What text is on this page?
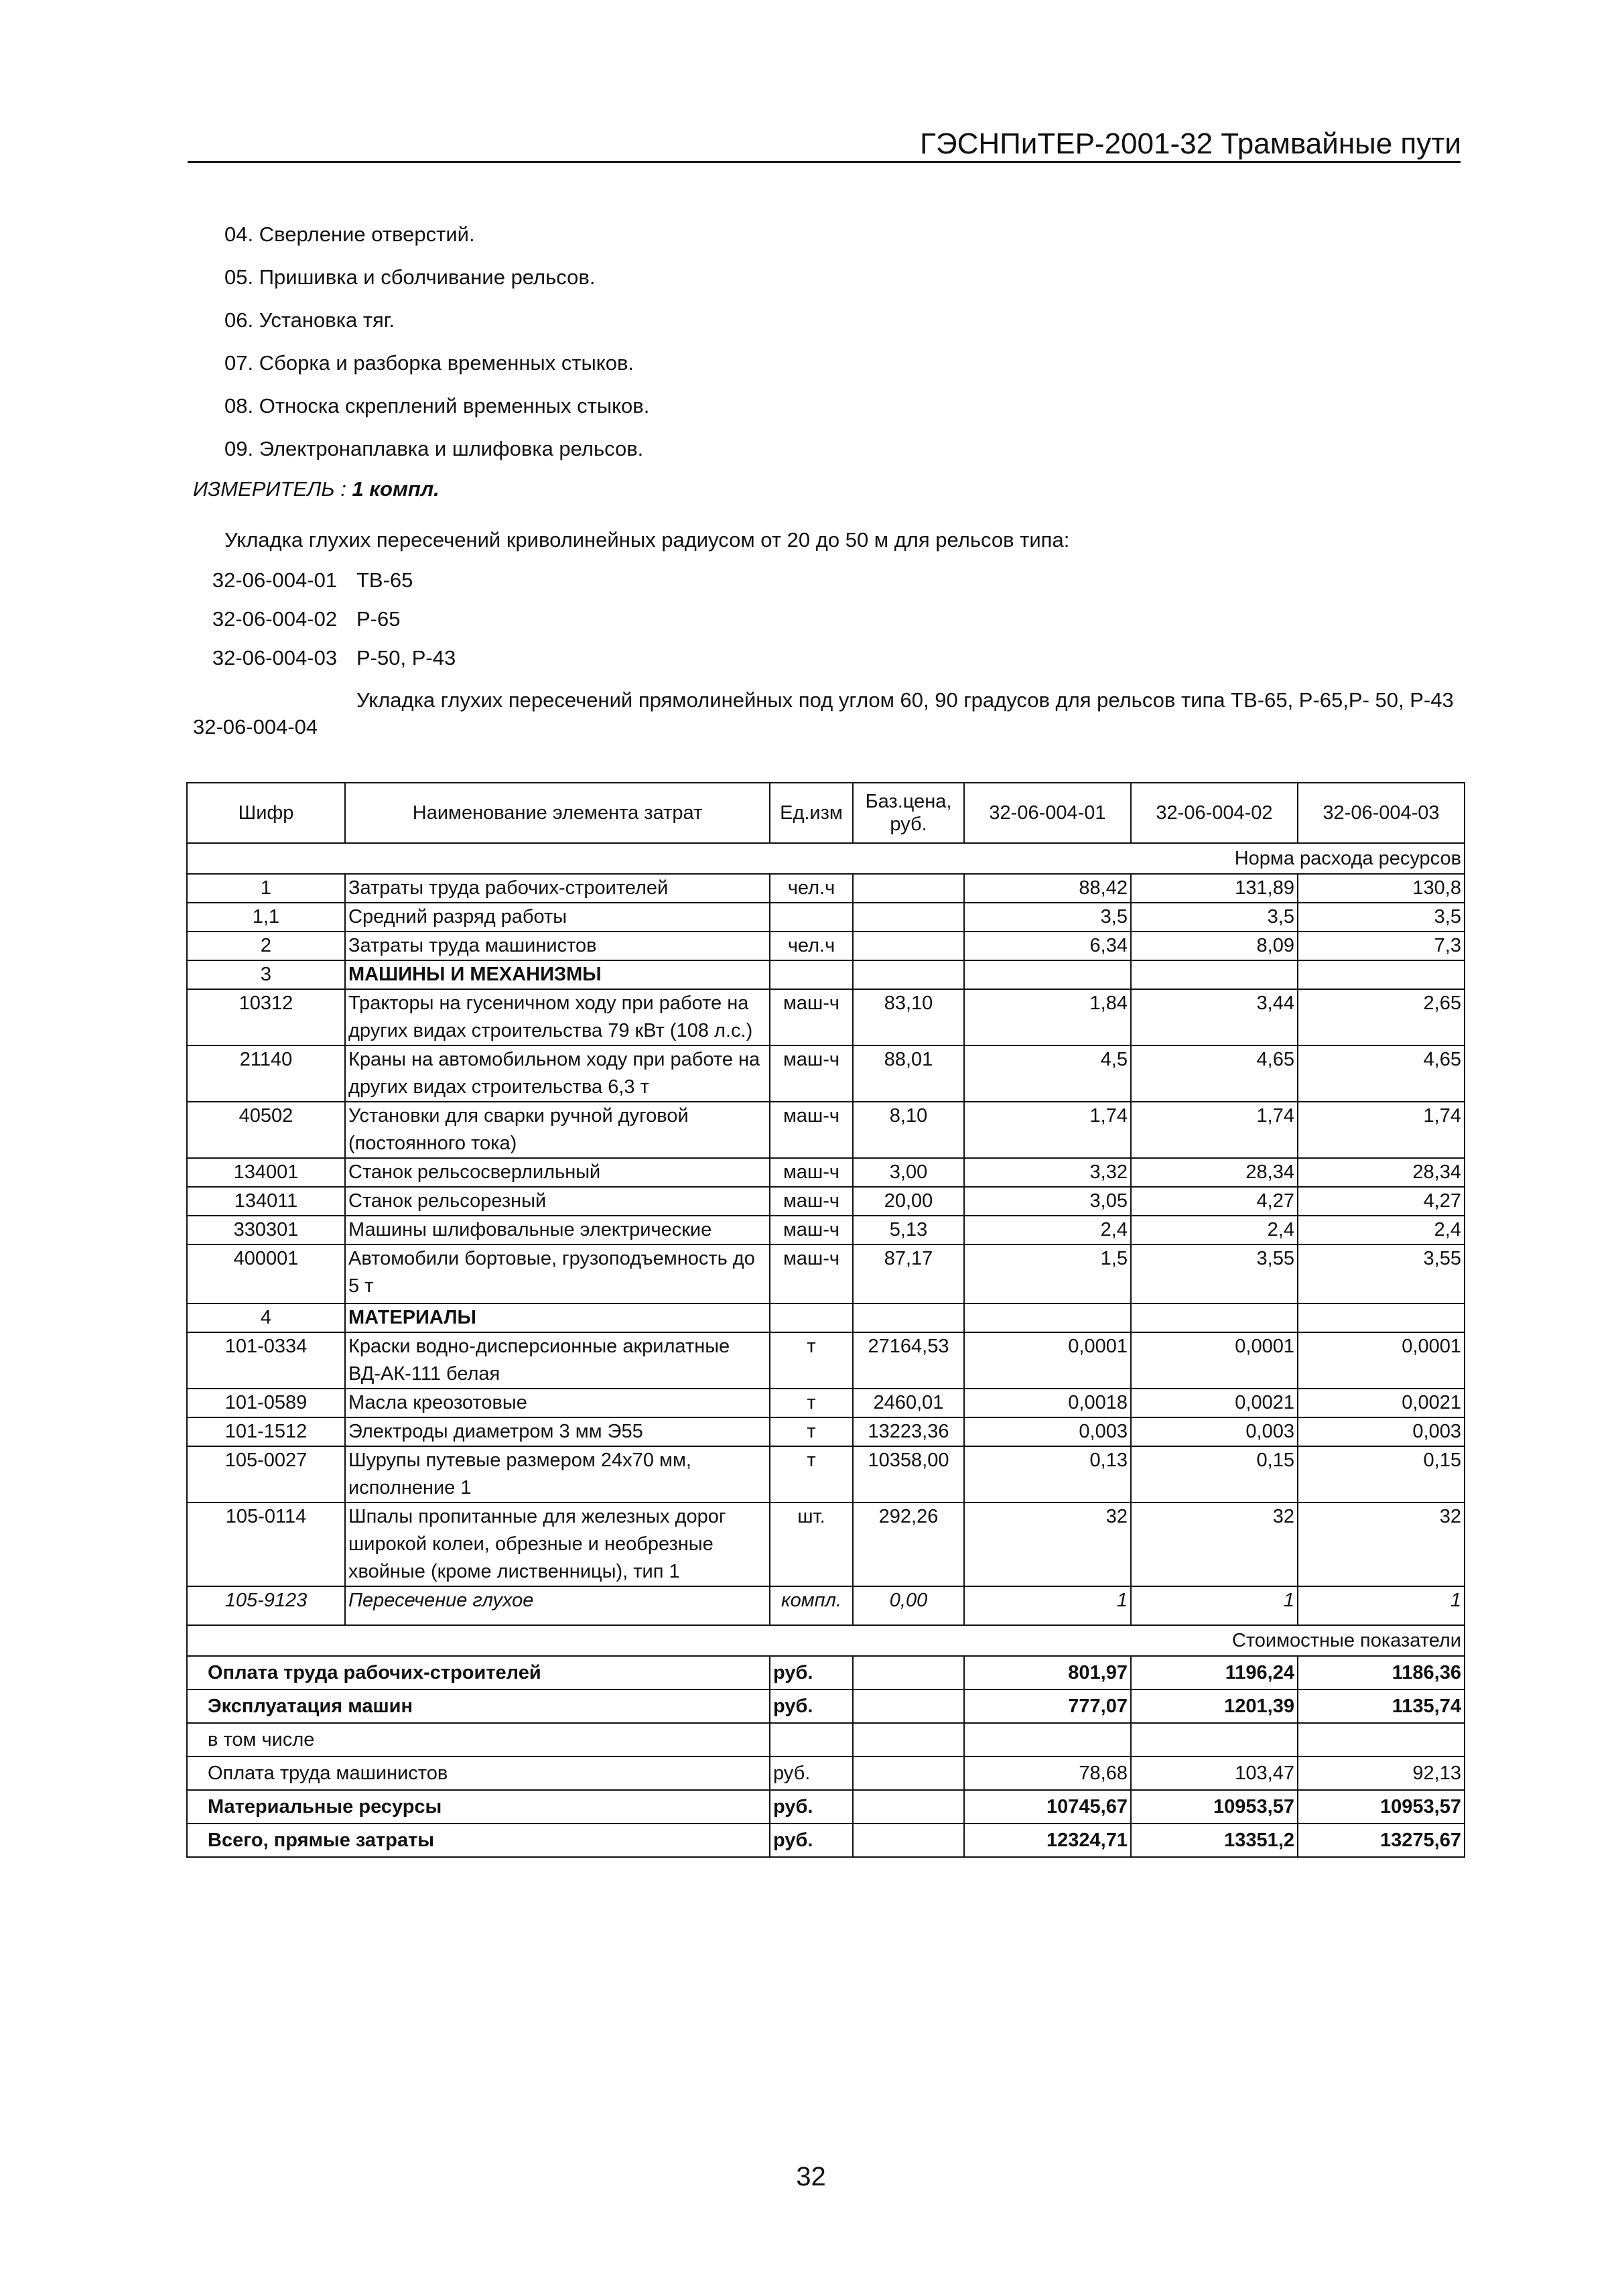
ГЭСНПиТЕР-2001-32 Трамвайные пути
04. Сверление отверстий.
05. Пришивка и сболчивание рельсов.
06. Установка тяг.
07. Сборка и разборка временных стыков.
08. Относка скреплений временных стыков.
09. Электронаплавка и шлифовка рельсов.
ИЗМЕРИТЕЛЬ : 1 компл.
Укладка глухих пересечений криволинейных радиусом от 20 до 50 м для рельсов типа:
32-06-004-01 ТВ-65
32-06-004-02 Р-65
32-06-004-03 Р-50, Р-43
32-06-004-04
Укладка глухих пересечений прямолинейных под углом 60, 90 градусов для рельсов типа ТВ-65, Р-65,Р- 50, Р-43
Шифр	Наименование элемента затрат	Ед.изм	Баз.цена, руб.	32-06-004-01	32-06-004-02	32-06-004-03
Норма расхода ресурсов						
1	Затраты труда рабочих-строителей	чел.ч		88,42	131,89	130,8
1,1	Средний разряд работы			3,5	3,5	3,5
2	Затраты труда машинистов	чел.ч		6,34	8,09	7,3
3	МАШИНЫ И МЕХАНИЗМЫ					
10312	Тракторы на гусеничном ходу при работе на других видах строительства 79 кВт (108 л.с.)	маш-ч	83,10	1,84	3,44	2,65
21140	Краны на автомобильном ходу при работе на других видах строительства 6,3 т	маш-ч	88,01	4,5	4,65	4,65
40502	Установки для сварки ручной дуговой (постоянного тока)	маш-ч	8,10	1,74	1,74	1,74
134001	Станок рельсосверлильный	маш-ч	3,00	3,32	28,34	28,34
134011	Станок рельсорезный	маш-ч	20,00	3,05	4,27	4,27
330301	Машины шлифовальные электрические	маш-ч	5,13	2,4	2,4	2,4
400001	Автомобили бортовые, грузоподъемность до 5 т	маш-ч	87,17	1,5	3,55	3,55
4	МАТЕРИАЛЫ					
101-0334	Краски водно-дисперсионные акрилатные ВД-АК-111 белая	т	27164,53	0,0001	0,0001	0,0001
101-0589	Масла креозотовые	т	2460,01	0,0018	0,0021	0,0021
101-1512	Электроды диаметром 3 мм Э55	т	13223,36	0,003	0,003	0,003
105-0027	Шурупы путевые размером 24х70 мм, исполнение 1	т	10358,00	0,13	0,15	0,15
105-0114	Шпалы пропитанные для железных дорог широкой колеи, обрезные и необрезные хвойные (кроме лиственницы), тип 1	шт.	292,26	32	32	32
105-9123	Пересечение глухое	компл.	0,00	1	1	1
Стоимостные показатели						
Оплата труда рабочих-строителей		руб.		801,97	1196,24	1186,36
Эксплуатация машин		руб.		777,07	1201,39	1135,74
в том числе						
Оплата труда машинистов		руб.		78,68	103,47	92,13
Материальные ресурсы		руб.		10745,67	10953,57	10953,57
Всего, прямые затраты		руб.		12324,71	13351,2	13275,67
32
